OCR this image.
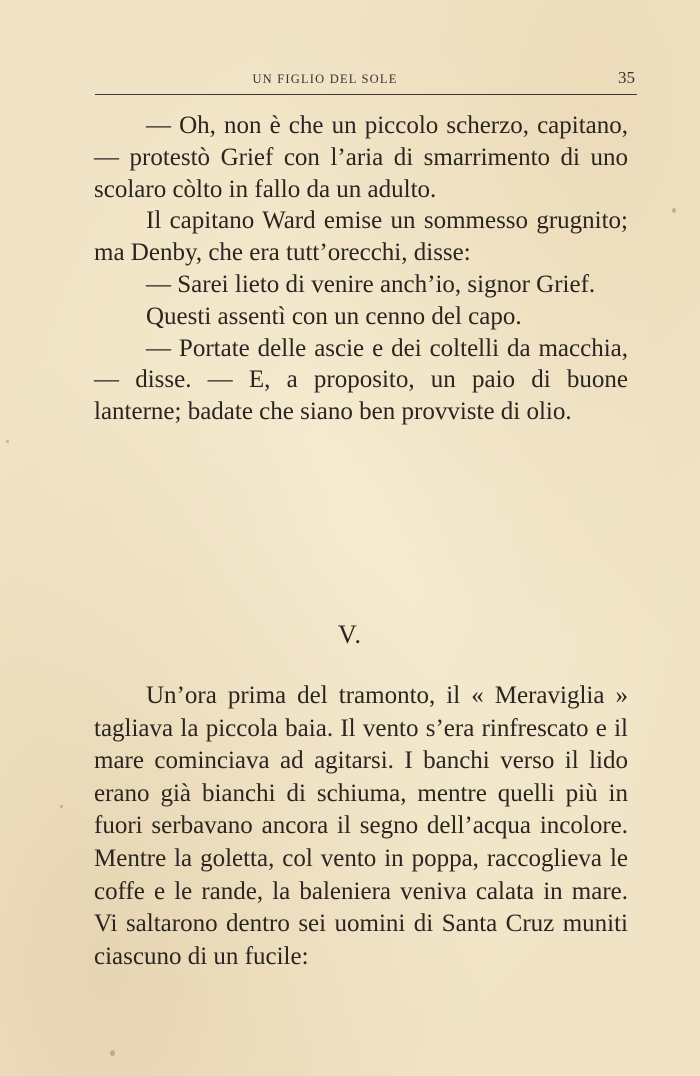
UN FIGLIO DEL SOLE	35

— Oh, non è che un piccolo scherzo, capitano, — protestò Grief con l’aria di smarrimento di uno scolaro còlto in fallo da un adulto.

Il capitano Ward emise un sommesso grugnito; ma Denby, che era tutt’orecchi, disse:

— Sarei lieto di venire anch’io, signor Grief.

Questi assentì con un cenno del capo.

— Portate delle ascie e dei coltelli da macchia, — disse. — E, a proposito, un paio di buone lanterne; badate che siano ben provviste di olio.

V.

Un’ora prima del tramonto, il « Meraviglia » tagliava la piccola baia. Il vento s’era rinfrescato e il mare cominciava ad agitarsi. I banchi verso il lido erano già bianchi di schiuma, mentre quelli più in fuori serbavano ancora il segno dell’acqua incolore. Mentre la goletta, col vento in poppa, raccoglieva le coffe e le rande, la baleniera veniva calata in mare. Vi saltarono dentro sei uomini di Santa Cruz muniti ciascuno di un fucile:
